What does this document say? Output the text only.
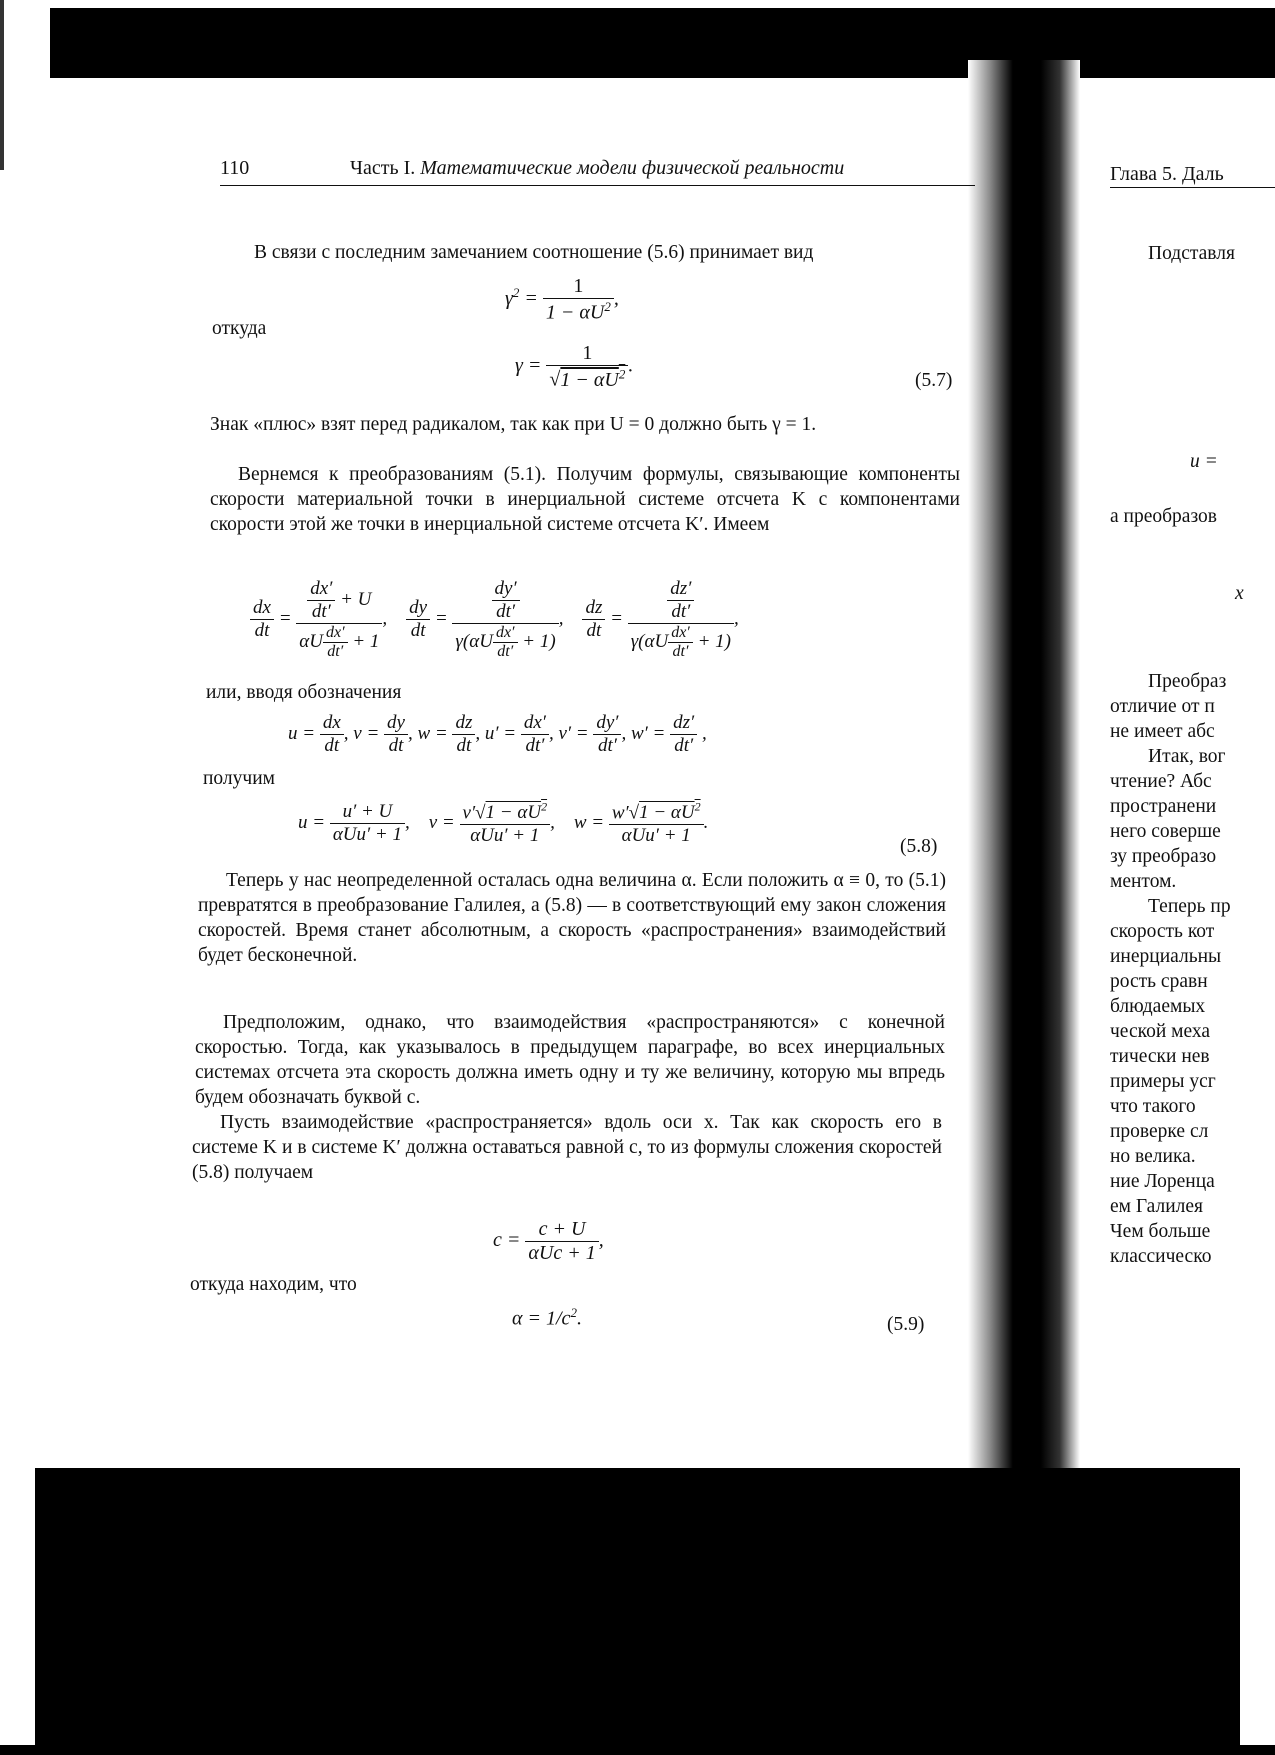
110	Часть I. Математические модели физической реальности
В связи с последним замечанием соотношение (5.6) принимает вид
$\gamma^2 = \frac{1}{1 - \alpha U^2}$ ,
откуда
$\gamma = \frac{1}{√1 - \alpha U^2}$ .
(5.7)
Знак «плюс» взят перед радикалом, так как при U = 0 должно быть γ = 1.
Вернемся к преобразованиям (5.1). Получим формулы, связывающие компоненты скорости материальной точки в инерциальной системе отсчета K с компонентами скорости этой же точки в инерциальной системе отсчета K′. Имеем
$\frac{dx}{dt} = \frac{\frac{dx'}{dt'} + U}{\alpha U \frac{dx'}{dt'} + 1}$ , $\frac{dy}{dt} = \frac{\frac{dy'}{dt'}}{\gamma(\alpha U \frac{dx'}{dt'} + 1)}$ , $\frac{dz}{dt} = \frac{\frac{dz'}{dt'}}{\gamma(\alpha U \frac{dx'}{dt'} + 1)}$ ,
или, вводя обозначения
$u = \frac{dx}{dt}$ , $v = \frac{dy}{dt}$ , $w = \frac{dz}{dt}$ , $u' = \frac{dx'}{dt'}$ , $v' = \frac{dy'}{dt'}$ , $w' = \frac{dz'}{dt'}$ ,
получим
$u = \frac{u' + U}{\text{αUu′ + 1}}$ ,    $v = \frac{v'√1 - \alpha U^2}{\text{αUu′ + 1}}$ ,    $w = \frac{w'√1 - \alpha U^2}{\text{αUu′ + 1}}$ .
(5.8)
Теперь у нас неопределенной осталась одна величина α. Если положить α ≡ 0, то (5.1) превратятся в преобразование Галилея, а (5.8) — в соответствующий ему закон сложения скоростей. Время станет абсолютным, а скорость «распространения» взаимодействий будет бесконечной.
Предположим, однако, что взаимодействия «распространяются» с конечной скоростью. Тогда, как указывалось в предыдущем параграфе, во всех инерциальных системах отсчета эта скорость должна иметь одну и ту же величину, которую мы впредь будем обозначать буквой c.
Пусть взаимодействие «распространяется» вдоль оси x. Так как скорость его в системе K и в системе K′ должна оставаться равной c, то из формулы сложения скоростей (5.8) получаем
$c = \frac{c + U}{\text{αUc + 1}}$ ,
откуда находим, что
$\alpha = 1/c^2$.	(5.9)
Глава 5. Даль
Подставля
u =
а преобразов
x
Преобраз
отличие от п
не имеет абс
Итак, вог
чтение? Абс
пространени
него соверше
зу преобразо
ментом.
Теперь пр
скорость кот
инерциальны
рость сравн
блюдаемых
ческой меха
тически нев
примеры усг
что такого
проверке сл
но велика.
ние Лоренца
ем Галилея
Чем больше
классическо
